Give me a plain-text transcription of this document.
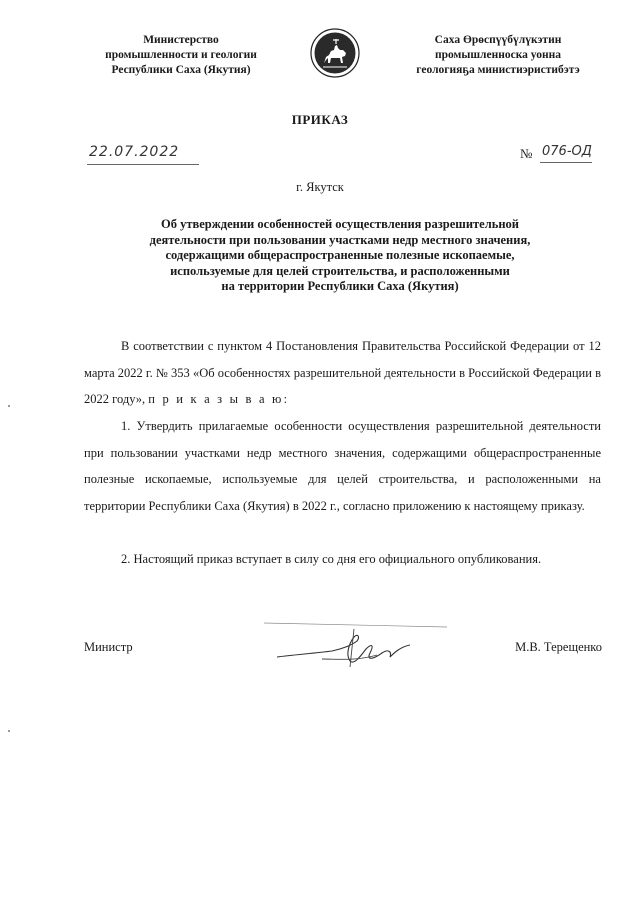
Министерство
промышленности и геологии
Республики Саха (Якутия)
Саха Өрөспүүбүлүкэтин
промышленноска уонна
геологияҕа министиэристибэтэ
ПРИКАЗ
22.07.2022	№ 076-ОД
г. Якутск
Об утверждении особенностей осуществления разрешительной
деятельности при пользовании участками недр местного значения,
содержащими общераспространенные полезные ископаемые,
используемые для целей строительства, и расположенными
на территории Республики Саха (Якутия)
В соответствии с пунктом 4 Постановления Правительства Российской Федерации от 12 марта 2022 г. № 353 «Об особенностях разрешительной деятельности в Российской Федерации в 2022 году», п р и к а з ы в а ю:
1. Утвердить прилагаемые особенности осуществления разрешительной деятельности при пользовании участками недр местного значения, содержащими общераспространенные полезные ископаемые, используемые для целей строительства, и расположенными на территории Республики Саха (Якутия) в 2022 г., согласно приложению к настоящему приказу.
2. Настоящий приказ вступает в силу со дня его официального опубликования.
Министр	М.В. Терещенко
